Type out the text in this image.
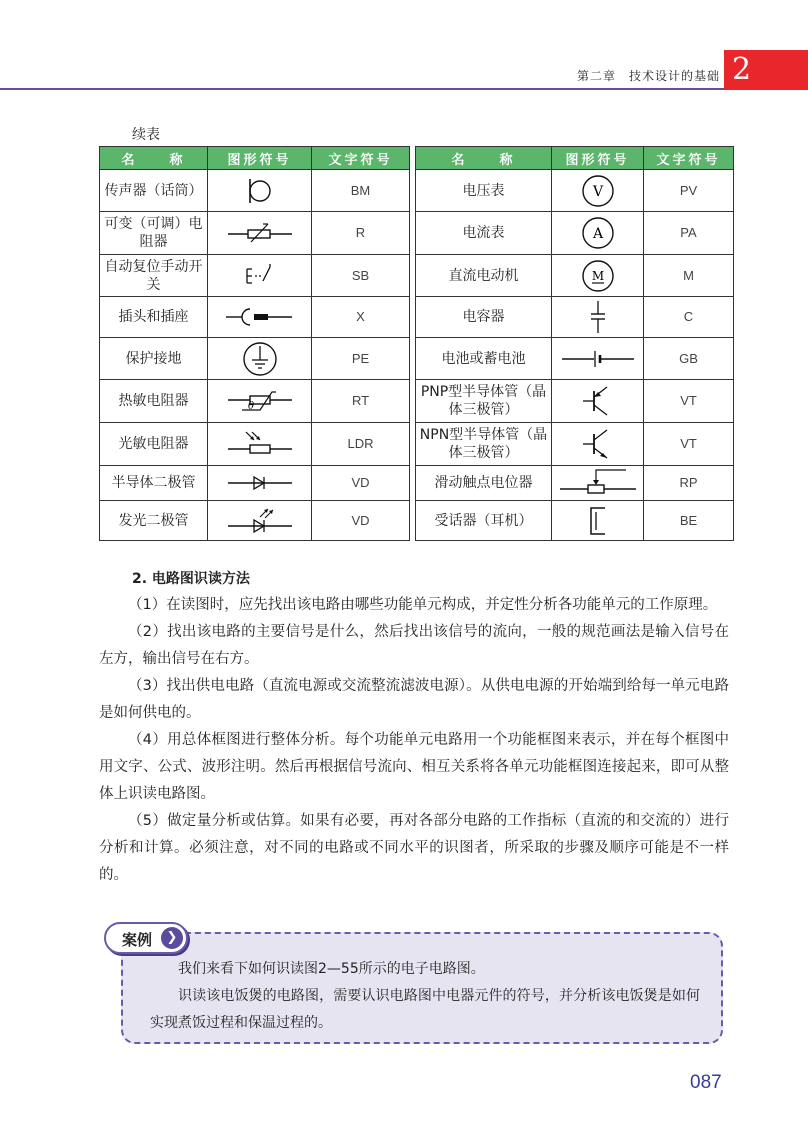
第二章　技术设计的基础 2
续表
名　　称	图形符号	文字符号		名　　称	图形符号	文字符号
传声器（话筒）		BM		电压表	V	PV
可变（可调）电阻器		R		电流表	A	PA
自动复位手动开关		SB		直流电动机	M	M
插头和插座		X		电容器		C
保护接地		PE		电池或蓄电池		GB
热敏电阻器	θ	RT		PNP型半导体管（晶体三极管）		VT
光敏电阻器		LDR		NPN型半导体管（晶体三极管）		VT
半导体二极管		VD		滑动触点电位器		RP
发光二极管		VD		受话器（耳机）		BE
2. 电路图识读方法

（1）在读图时，应先找出该电路由哪些功能单元构成，并定性分析各功能单元的工作原理。

（2）找出该电路的主要信号是什么，然后找出该信号的流向，一般的规范画法是输入信号在左方，输出信号在右方。

（3）找出供电电路（直流电源或交流整流滤波电源）。从供电电源的开始端到给每一单元电路是如何供电的。

（4）用总体框图进行整体分析。每个功能单元电路用一个功能框图来表示，并在每个框图中用文字、公式、波形注明。然后再根据信号流向、相互关系将各单元功能框图连接起来，即可从整体上识读电路图。

（5）做定量分析或估算。如果有必要，再对各部分电路的工作指标（直流的和交流的）进行分析和计算。必须注意，对不同的电路或不同水平的识图者，所采取的步骤及顺序可能是不一样的。

案例	❯

我们来看下如何识读图2—55所示的电子电路图。

识读该电饭煲的电路图，需要认识电路图中电器元件的符号，并分析该电饭煲是如何实现煮饭过程和保温过程的。

087
